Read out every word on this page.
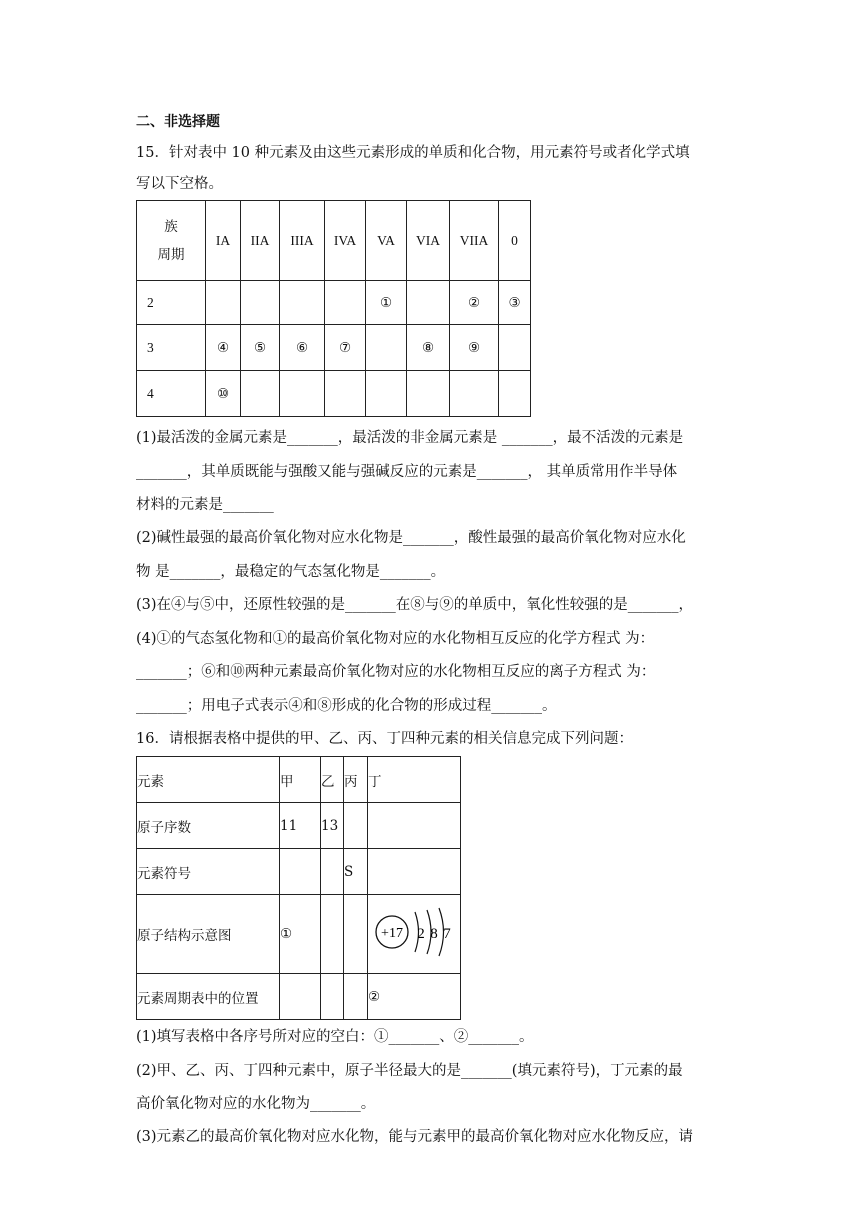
二、非选择题
15．针对表中 10 种元素及由这些元素形成的单质和化合物，用元素符号或者化学式填
写以下空格。
族
周期	IA	IIA	IIIA	IVA	VA	VIA	VIIA	0
2					①		②	③
3	④	⑤	⑥	⑦		⑧	⑨	
4	⑩							
(1)最活泼的金属元素是_______，最活泼的非金属元素是 _______，最不活泼的元素是
_______，其单质既能与强酸又能与强碱反应的元素是_______， 其单质常用作半导体
材料的元素是_______
(2)碱性最强的最高价氧化物对应水化物是_______，酸性最强的最高价氧化物对应水化
物 是_______，最稳定的气态氢化物是_______。
(3)在④与⑤中，还原性较强的是_______在⑧与⑨的单质中，氧化性较强的是_______，
(4)①的气态氢化物和①的最高价氧化物对应的水化物相互反应的化学方程式 为：
_______；⑥和⑩两种元素最高价氧化物对应的水化物相互反应的离子方程式 为：
_______；用电子式表示④和⑧形成的化合物的形成过程_______。
16．请根据表格中提供的甲、乙、丙、丁四种元素的相关信息完成下列问题：
元素	甲	乙	丙	丁
原子序数	11	13		
元素符号			S	
原子结构示意图	①			+17 2 8 7

元素周期表中的位置				②
(1)填写表格中各序号所对应的空白：①_______、②_______。
(2)甲、乙、丙、丁四种元素中，原子半径最大的是_______(填元素符号)，丁元素的最
高价氧化物对应的水化物为_______。
(3)元素乙的最高价氧化物对应水化物，能与元素甲的最高价氧化物对应水化物反应，请
